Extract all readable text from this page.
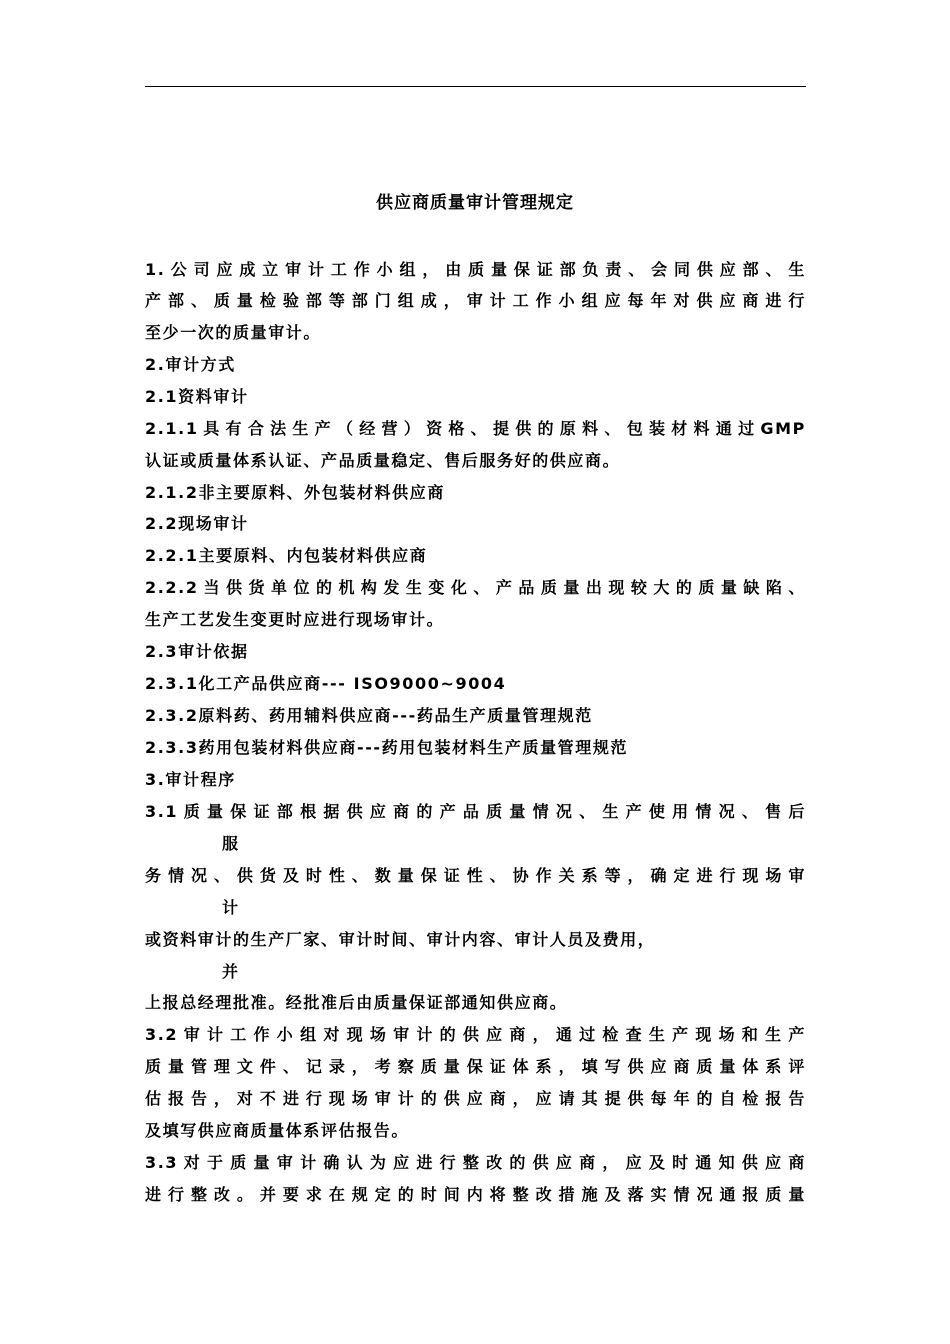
供应商质量审计管理规定
1.公司应成立审计工作小组，由质量保证部负责、会同供应部、生
产部、质量检验部等部门组成，审计工作小组应每年对供应商进行
至少一次的质量审计。
2.审计方式
2.1资料审计
2.1.1具有合法生产（经营）资格、提供的原料、包装材料通过GMP
认证或质量体系认证、产品质量稳定、售后服务好的供应商。
2.1.2非主要原料、外包装材料供应商
2.2现场审计
2.2.1主要原料、内包装材料供应商
2.2.2当供货单位的机构发生变化、产品质量出现较大的质量缺陷、
生产工艺发生变更时应进行现场审计。
2.3审计依据
2.3.1化工产品供应商--- ISO9000~9004
2.3.2原料药、药用辅料供应商---药品生产质量管理规范
2.3.3药用包装材料供应商---药用包装材料生产质量管理规范
3.审计程序
3.1质量保证部根据供应商的产品质量情况、生产使用情况、售后
服
务情况、供货及时性、数量保证性、协作关系等，确定进行现场审
计
或资料审计的生产厂家、审计时间、审计内容、审计人员及费用，
并
上报总经理批准。经批准后由质量保证部通知供应商。
3.2审计工作小组对现场审计的供应商，通过检查生产现场和生产
质量管理文件、记录，考察质量保证体系，填写供应商质量体系评
估报告，对不进行现场审计的供应商，应请其提供每年的自检报告
及填写供应商质量体系评估报告。
3.3对于质量审计确认为应进行整改的供应商，应及时通知供应商
进行整改。并要求在规定的时间内将整改措施及落实情况通报质量
